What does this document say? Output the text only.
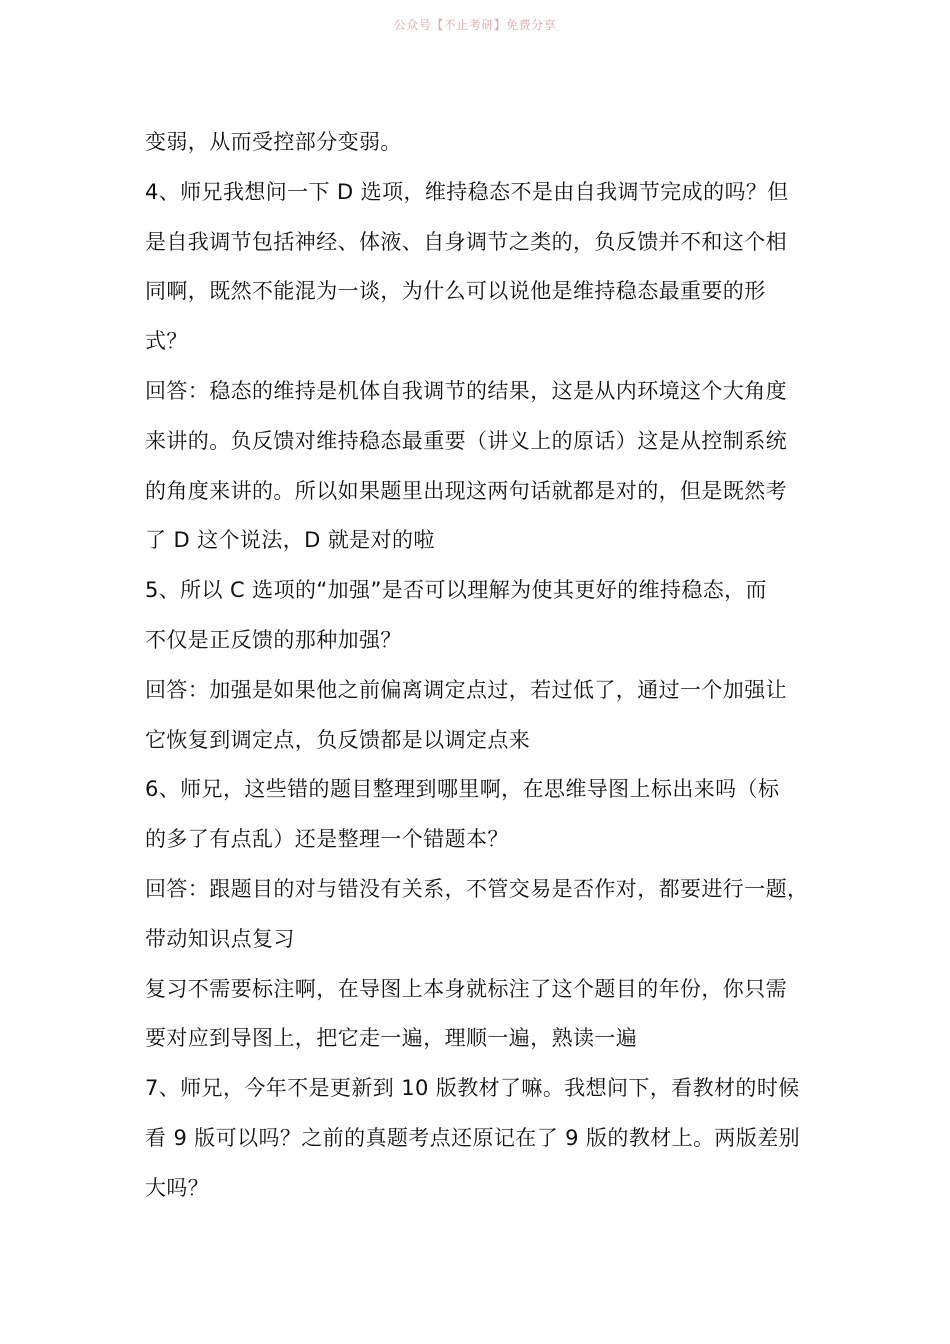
公众号【不止考研】免费分享
变弱，从而受控部分变弱。
4、师兄我想问一下 D 选项，维持稳态不是由自我调节完成的吗？但
是自我调节包括神经、体液、自身调节之类的，负反馈并不和这个相
同啊，既然不能混为一谈，为什么可以说他是维持稳态最重要的形
式？
回答：稳态的维持是机体自我调节的结果，这是从内环境这个大角度
来讲的。负反馈对维持稳态最重要（讲义上的原话）这是从控制系统
的角度来讲的。所以如果题里出现这两句话就都是对的，但是既然考
了 D 这个说法，D 就是对的啦
5、所以 C 选项的“加强”是否可以理解为使其更好的维持稳态，而
不仅是正反馈的那种加强？
回答：加强是如果他之前偏离调定点过，若过低了，通过一个加强让
它恢复到调定点，负反馈都是以调定点来
6、师兄，这些错的题目整理到哪里啊，在思维导图上标出来吗（标
的多了有点乱）还是整理一个错题本？
回答：跟题目的对与错没有关系，不管交易是否作对，都要进行一题，
带动知识点复习
复习不需要标注啊，在导图上本身就标注了这个题目的年份，你只需
要对应到导图上，把它走一遍，理顺一遍，熟读一遍
7、师兄，今年不是更新到 10 版教材了嘛。我想问下，看教材的时候
看 9 版可以吗？之前的真题考点还原记在了 9 版的教材上。两版差别
大吗？
